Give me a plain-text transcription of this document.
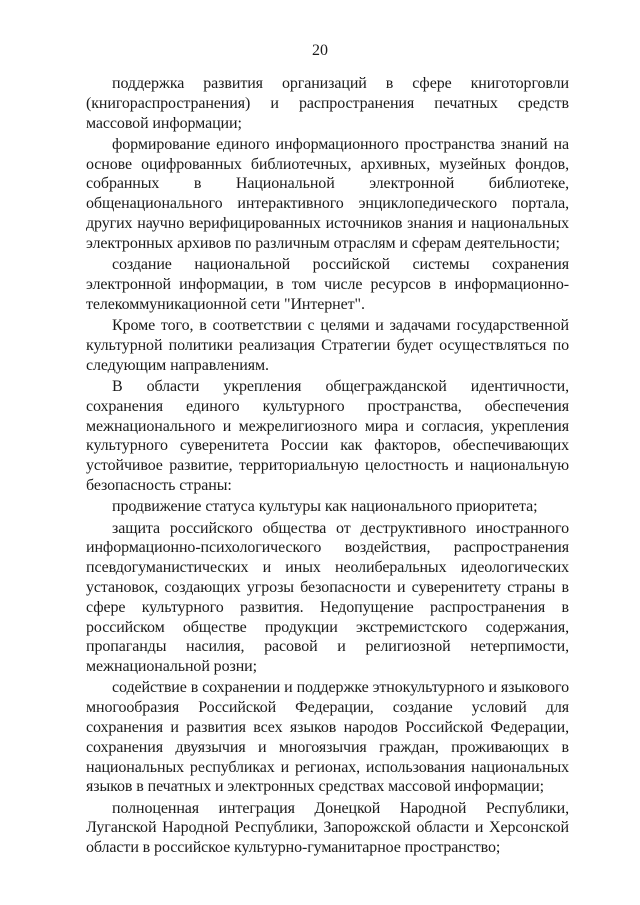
20

поддержка развития организаций в сфере книготорговли (книгораспространения) и распространения печатных средств массовой информации;

формирование единого информационного пространства знаний на основе оцифрованных библиотечных, архивных, музейных фондов, собранных в Национальной электронной библиотеке, общенационального интерактивного энциклопедического портала, других научно верифицированных источников знания и национальных электронных архивов по различным отраслям и сферам деятельности;

создание национальной российской системы сохранения электронной информации, в том числе ресурсов в информационно-телекоммуникационной сети "Интернет".

Кроме того, в соответствии с целями и задачами государственной культурной политики реализация Стратегии будет осуществляться по следующим направлениям.

В области укрепления общегражданской идентичности, сохранения единого культурного пространства, обеспечения межнационального и межрелигиозного мира и согласия, укрепления культурного суверенитета России как факторов, обеспечивающих устойчивое развитие, территориальную целостность и национальную безопасность страны:

продвижение статуса культуры как национального приоритета;

защита российского общества от деструктивного иностранного информационно-психологического воздействия, распространения псевдогуманистических и иных неолиберальных идеологических установок, создающих угрозы безопасности и суверенитету страны в сфере культурного развития. Недопущение распространения в российском обществе продукции экстремистского содержания, пропаганды насилия, расовой и религиозной нетерпимости, межнациональной розни;

содействие в сохранении и поддержке этнокультурного и языкового многообразия Российской Федерации, создание условий для сохранения и развития всех языков народов Российской Федерации, сохранения двуязычия и многоязычия граждан, проживающих в национальных республиках и регионах, использования национальных языков в печатных и электронных средствах массовой информации;

полноценная интеграция Донецкой Народной Республики, Луганской Народной Республики, Запорожской области и Херсонской области в российское культурно-гуманитарное пространство;
